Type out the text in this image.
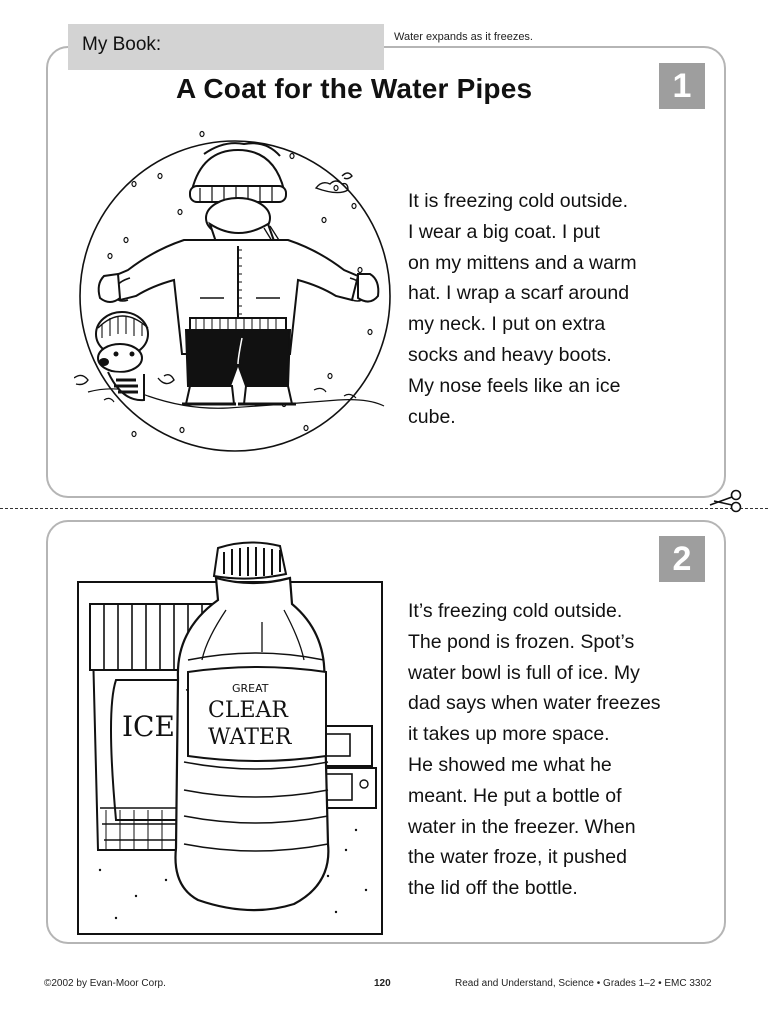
My Book:	Water expands as it freezes.
A Coat for the Water Pipes	1
It is freezing cold outside.
I wear a big coat. I put
on my mittens and a warm
hat. I wrap a scarf around
my neck. I put on extra
socks and heavy boots.
My nose feels like an ice
cube.
2
ICE
GREAT
CLEAR
WATER
It’s freezing cold outside.
The pond is frozen. Spot’s
water bowl is full of ice. My
dad says when water freezes
it takes up more space.
He showed me what he
meant. He put a bottle of
water in the freezer. When
the water froze, it pushed
the lid off the bottle.
©2002 by Evan-Moor Corp.	120	Read and Understand, Science • Grades 1–2 • EMC 3302
